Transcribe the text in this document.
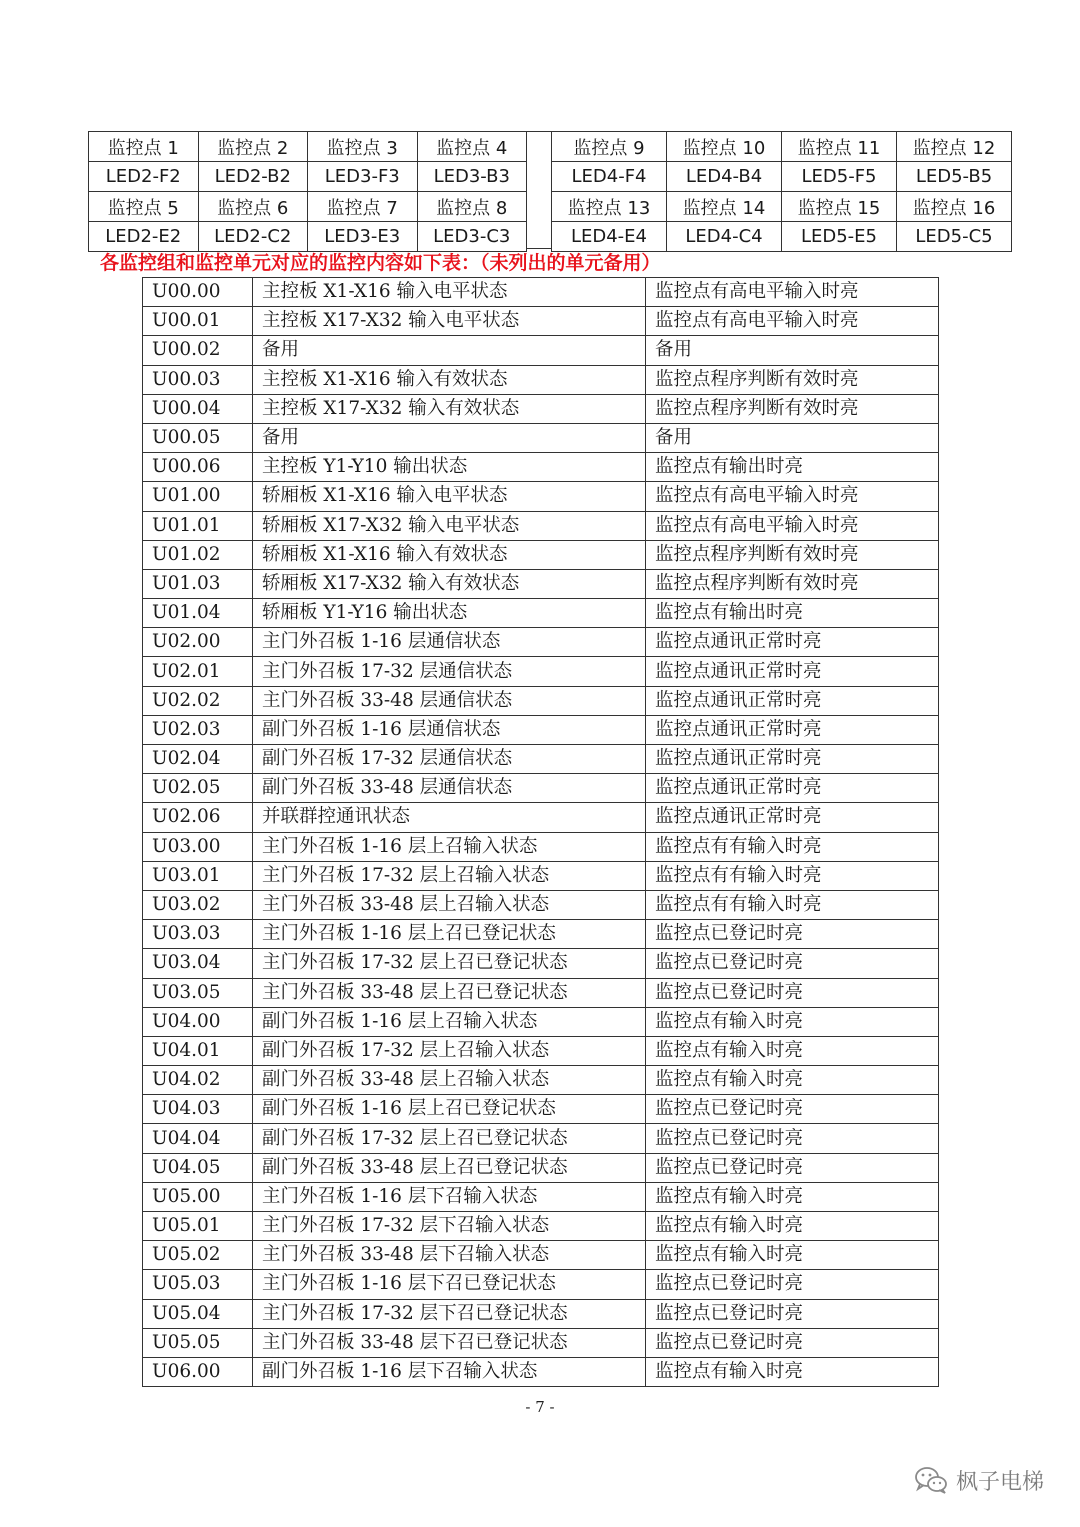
监控点 1	监控点 2	监控点 3	监控点 4
LED2-F2	LED2-B2	LED3-F3	LED3-B3
监控点 5	监控点 6	监控点 7	监控点 8
LED2-E2	LED2-C2	LED3-E3	LED3-C3
监控点 9	监控点 10	监控点 11	监控点 12
LED4-F4	LED4-B4	LED5-F5	LED5-B5
监控点 13	监控点 14	监控点 15	监控点 16
LED4-E4	LED4-C4	LED5-E5	LED5-C5
各监控组和监控单元对应的监控内容如下表：（未列出的单元备用）
U00.00	主控板 X1-X16 输入电平状态	监控点有高电平输入时亮
U00.01	主控板 X17-X32 输入电平状态	监控点有高电平输入时亮
U00.02	备用	备用
U00.03	主控板 X1-X16 输入有效状态	监控点程序判断有效时亮
U00.04	主控板 X17-X32 输入有效状态	监控点程序判断有效时亮
U00.05	备用	备用
U00.06	主控板 Y1-Y10 输出状态	监控点有输出时亮
U01.00	轿厢板 X1-X16 输入电平状态	监控点有高电平输入时亮
U01.01	轿厢板 X17-X32 输入电平状态	监控点有高电平输入时亮
U01.02	轿厢板 X1-X16 输入有效状态	监控点程序判断有效时亮
U01.03	轿厢板 X17-X32 输入有效状态	监控点程序判断有效时亮
U01.04	轿厢板 Y1-Y16 输出状态	监控点有输出时亮
U02.00	主门外召板 1-16 层通信状态	监控点通讯正常时亮
U02.01	主门外召板 17-32 层通信状态	监控点通讯正常时亮
U02.02	主门外召板 33-48 层通信状态	监控点通讯正常时亮
U02.03	副门外召板 1-16 层通信状态	监控点通讯正常时亮
U02.04	副门外召板 17-32 层通信状态	监控点通讯正常时亮
U02.05	副门外召板 33-48 层通信状态	监控点通讯正常时亮
U02.06	并联群控通讯状态	监控点通讯正常时亮
U03.00	主门外召板 1-16 层上召输入状态	监控点有有输入时亮
U03.01	主门外召板 17-32 层上召输入状态	监控点有有输入时亮
U03.02	主门外召板 33-48 层上召输入状态	监控点有有输入时亮
U03.03	主门外召板 1-16 层上召已登记状态	监控点已登记时亮
U03.04	主门外召板 17-32 层上召已登记状态	监控点已登记时亮
U03.05	主门外召板 33-48 层上召已登记状态	监控点已登记时亮
U04.00	副门外召板 1-16 层上召输入状态	监控点有输入时亮
U04.01	副门外召板 17-32 层上召输入状态	监控点有输入时亮
U04.02	副门外召板 33-48 层上召输入状态	监控点有输入时亮
U04.03	副门外召板 1-16 层上召已登记状态	监控点已登记时亮
U04.04	副门外召板 17-32 层上召已登记状态	监控点已登记时亮
U04.05	副门外召板 33-48 层上召已登记状态	监控点已登记时亮
U05.00	主门外召板 1-16 层下召输入状态	监控点有输入时亮
U05.01	主门外召板 17-32 层下召输入状态	监控点有输入时亮
U05.02	主门外召板 33-48 层下召输入状态	监控点有输入时亮
U05.03	主门外召板 1-16 层下召已登记状态	监控点已登记时亮
U05.04	主门外召板 17-32 层下召已登记状态	监控点已登记时亮
U05.05	主门外召板 33-48 层下召已登记状态	监控点已登记时亮
U06.00	副门外召板 1-16 层下召输入状态	监控点有输入时亮
- 7 -
枫子电梯
